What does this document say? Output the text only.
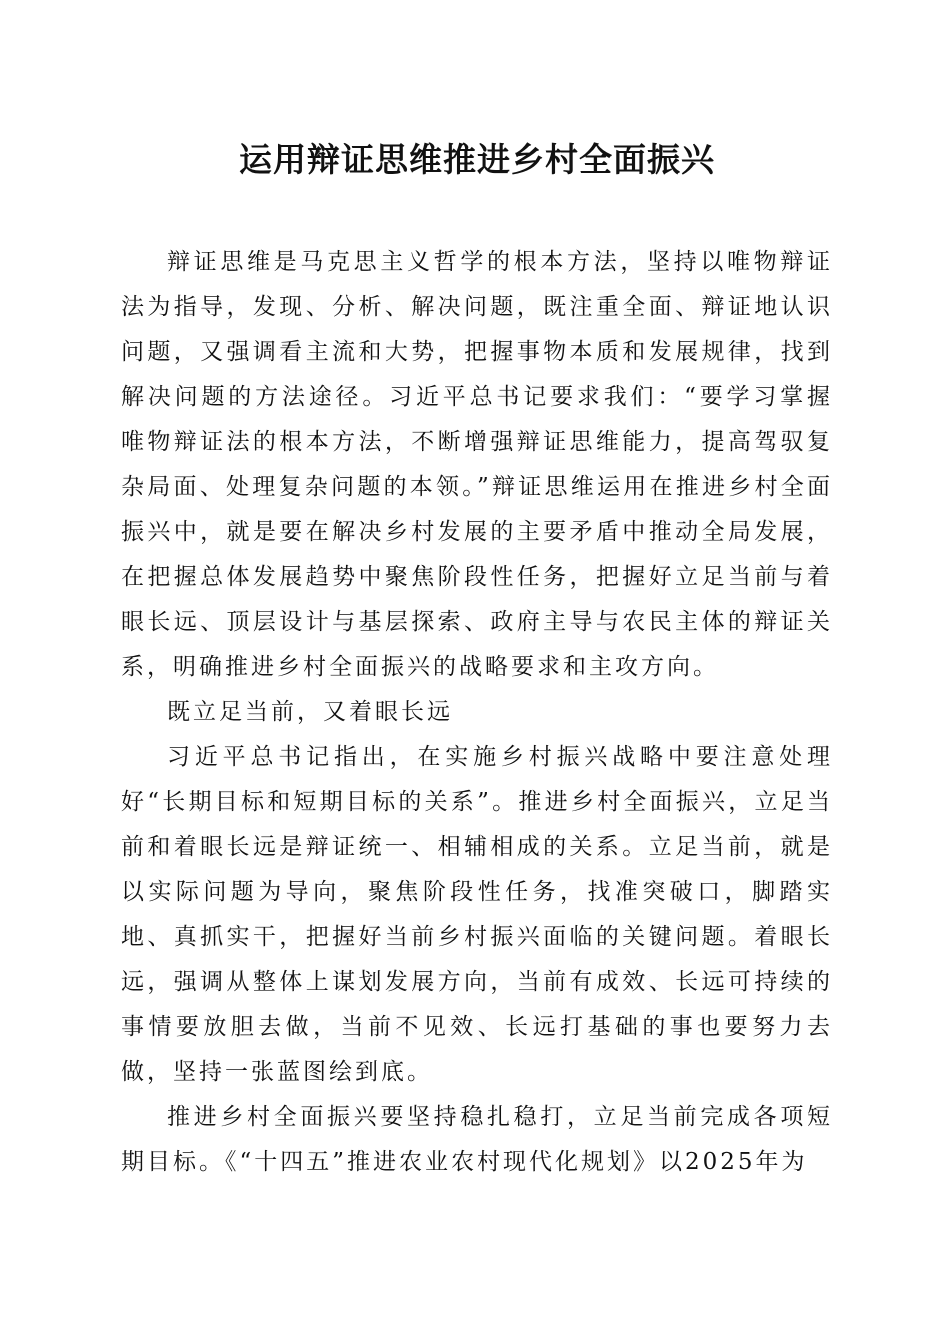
运用辩证思维推进乡村全面振兴

辩证思维是马克思主义哲学的根本方法，坚持以唯物辩证法为指导，发现、分析、解决问题，既注重全面、辩证地认识问题，又强调看主流和大势，把握事物本质和发展规律，找到解决问题的方法途径。习近平总书记要求我们：“要学习掌握唯物辩证法的根本方法，不断增强辩证思维能力，提高驾驭复杂局面、处理复杂问题的本领。”辩证思维运用在推进乡村全面振兴中，就是要在解决乡村发展的主要矛盾中推动全局发展，在把握总体发展趋势中聚焦阶段性任务，把握好立足当前与着眼长远、顶层设计与基层探索、政府主导与农民主体的辩证关系，明确推进乡村全面振兴的战略要求和主攻方向。

既立足当前，又着眼长远

习近平总书记指出，在实施乡村振兴战略中要注意处理好“长期目标和短期目标的关系”。推进乡村全面振兴，立足当前和着眼长远是辩证统一、相辅相成的关系。立足当前，就是以实际问题为导向，聚焦阶段性任务，找准突破口，脚踏实地、真抓实干，把握好当前乡村振兴面临的关键问题。着眼长远，强调从整体上谋划发展方向，当前有成效、长远可持续的事情要放胆去做，当前不见效、长远打基础的事也要努力去做，坚持一张蓝图绘到底。

推进乡村全面振兴要坚持稳扎稳打，立足当前完成各项短期目标。《“十四五”推进农业农村现代化规划》以2025年为
